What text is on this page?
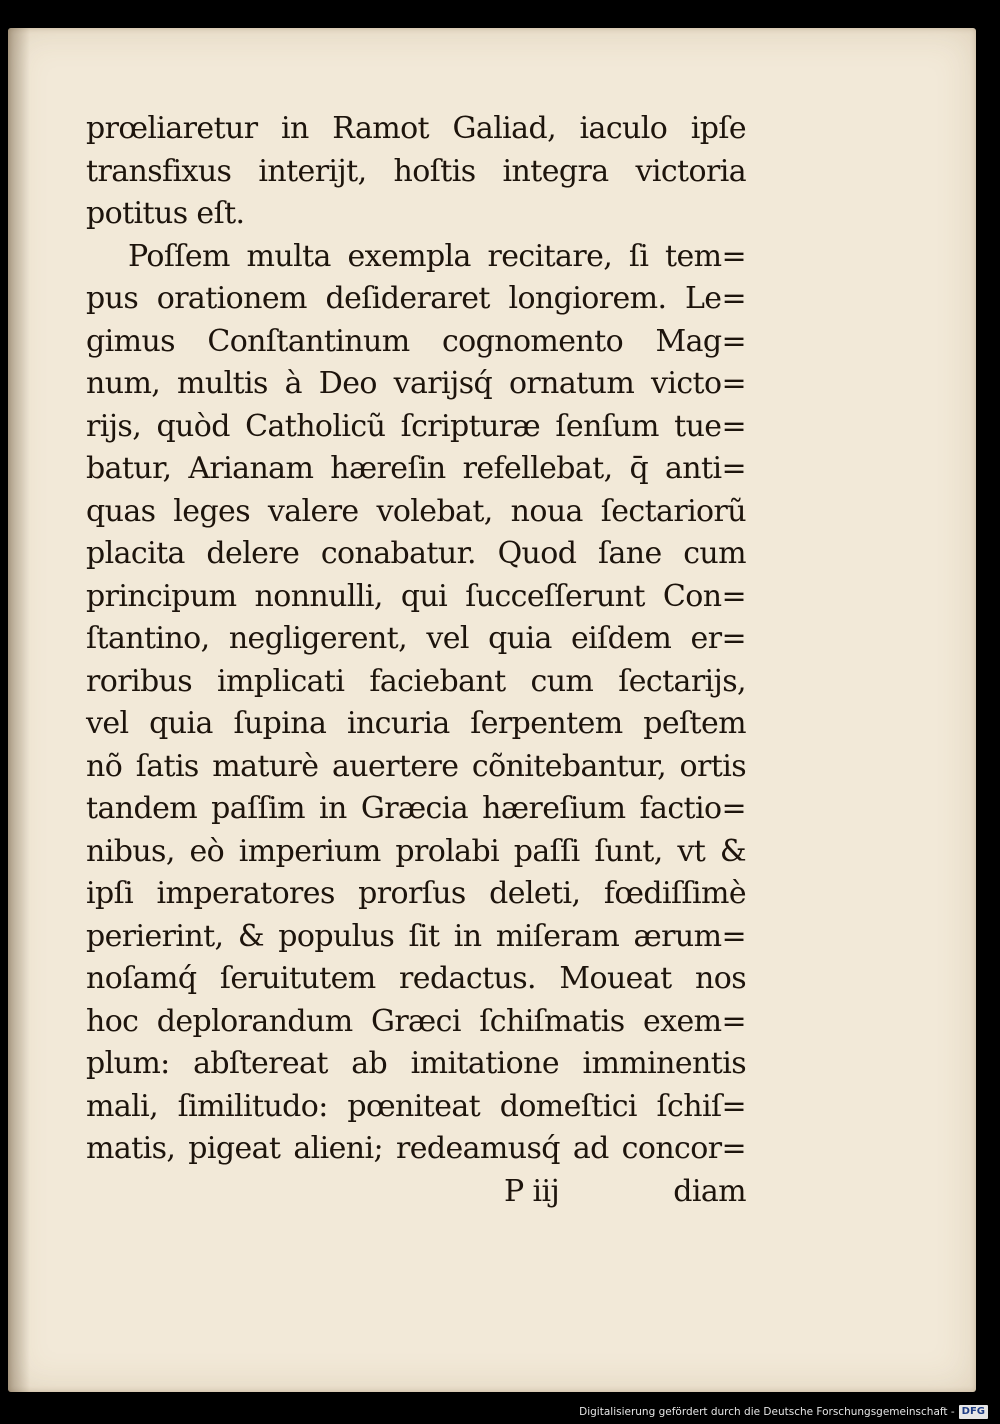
prœliaretur in Ramot Galiad, iaculo ipſe
transfixus interijt, hoſtis integra victoria
potitus eſt.
Poſſem multa exempla recitare, ſi tem=
pus orationem deſideraret longiorem. Le=
gimus Conſtantinum cognomento Mag=
num, multis à Deo varijsq́ ornatum victo=
rijs, quòd Catholicũ ſcripturæ ſenſum tue=
batur, Arianam hæreſin refellebat, q̄ anti=
quas leges valere volebat, noua ſectariorũ
placita delere conabatur. Quod ſane cum
principum nonnulli, qui ſucceſſerunt Con=
ſtantino, negligerent, vel quia eiſdem er=
roribus implicati faciebant cum ſectarijs,
vel quia ſupina incuria ſerpentem peſtem
nõ ſatis maturè auertere cõnitebantur, ortis
tandem paſſim in Græcia hæreſium factio=
nibus, eò imperium prolabi paſſi ſunt, vt &
ipſi imperatores prorſus deleti, fœdiſſimè
perierint, & populus ſit in miſeram ærum=
noſamq́ ſeruitutem redactus. Moueat nos
hoc deplorandum Græci ſchiſmatis exem=
plum: abſtereat ab imitatione imminentis
mali, ſimilitudo: pœniteat domeſtici ſchiſ=
matis, pigeat alieni; redeamusq́ ad concor=
P iij	diam
Digitalisierung gefördert durch die Deutsche Forschungsgemeinschaft - DFG
